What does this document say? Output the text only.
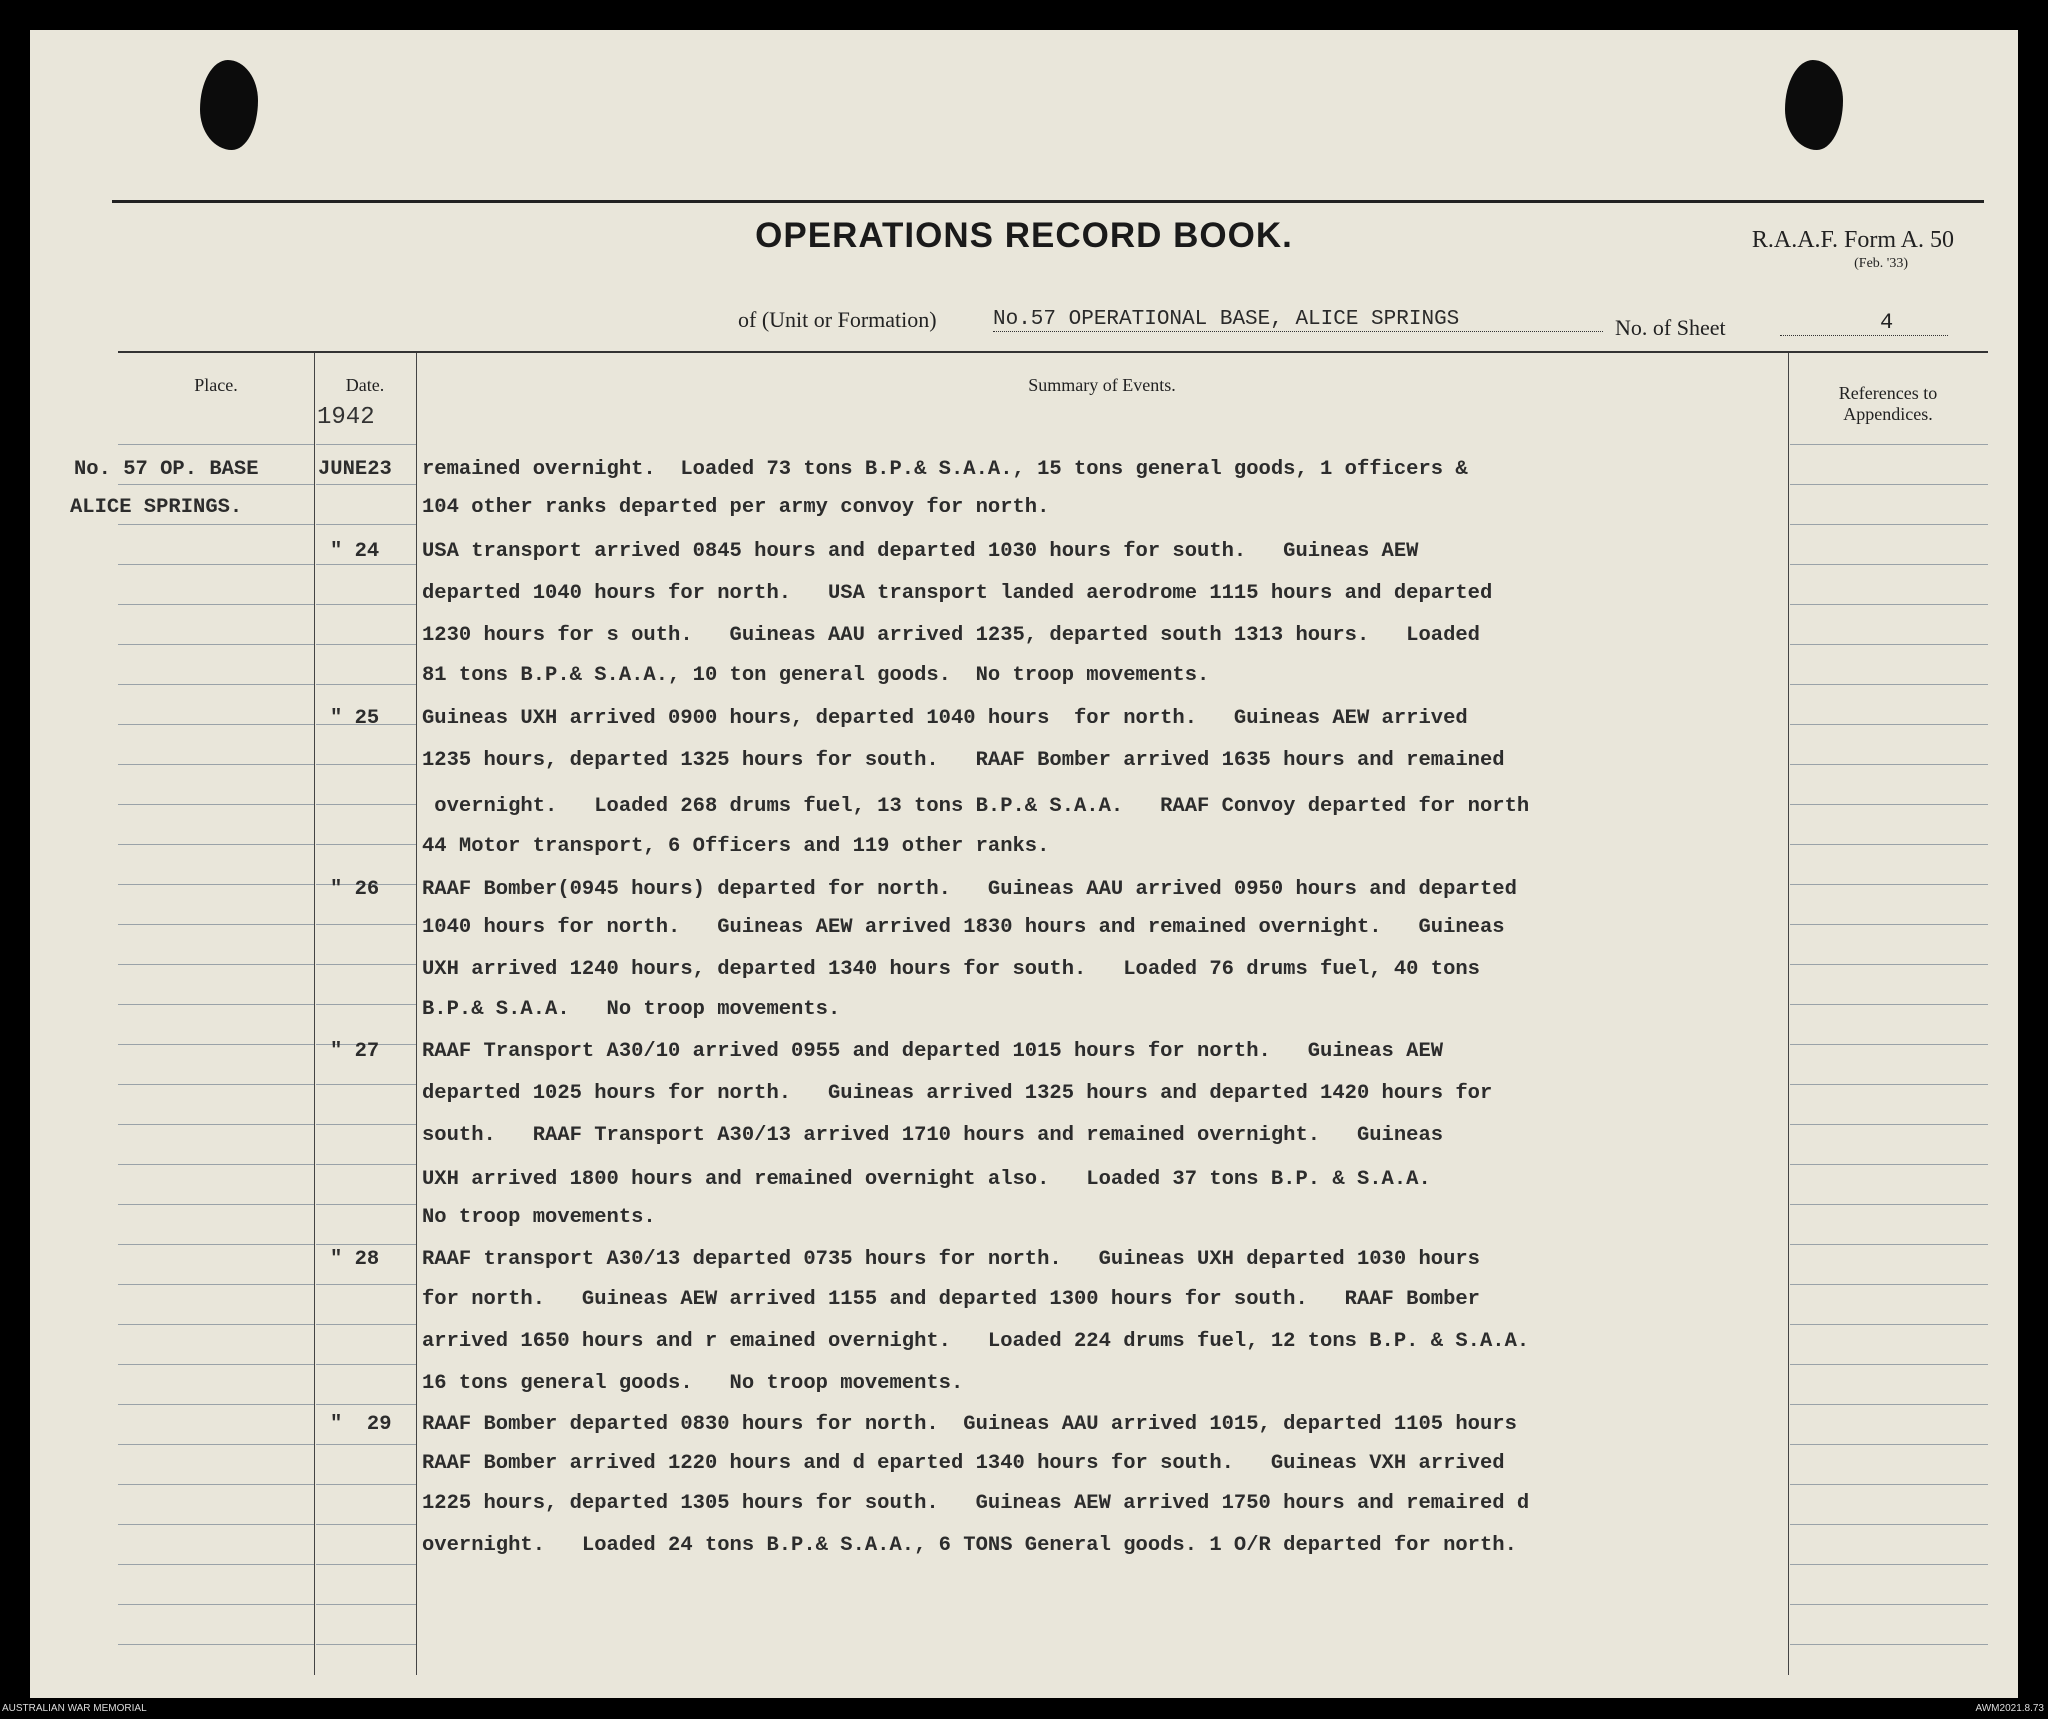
OPERATIONS RECORD BOOK.	R.A.A.F. Form A. 50
(Feb. '33)
of (Unit or Formation)	No.57 OPERATIONAL BASE, ALICE SPRINGS	No. of Sheet	4
Place.	Date.	Summary of Events.	References to
Appendices.
1942
No. 57 OP. BASE
ALICE SPRINGS.
JUNE23 remained overnight.  Loaded 73 tons B.P.& S.A.A., 15 tons general goods, 1 officers &
104 other ranks departed per army convoy for north.
" 24 USA transport arrived 0845 hours and departed 1030 hours for south.   Guineas AEW
departed 1040 hours for north.   USA transport landed aerodrome 1115 hours and departed
1230 hours for s outh.   Guineas AAU arrived 1235, departed south 1313 hours.   Loaded
81 tons B.P.& S.A.A., 10 ton general goods.  No troop movements.
" 25 Guineas UXH arrived 0900 hours, departed 1040 hours  for north.   Guineas AEW arrived
1235 hours, departed 1325 hours for south.   RAAF Bomber arrived 1635 hours and remained
overnight.   Loaded 268 drums fuel, 13 tons B.P.& S.A.A.   RAAF Convoy departed for north
44 Motor transport, 6 Officers and 119 other ranks.
" 26 RAAF Bomber(0945 hours) departed for north.   Guineas AAU arrived 0950 hours and departed
1040 hours for north.   Guineas AEW arrived 1830 hours and remained overnight.   Guineas
UXH arrived 1240 hours, departed 1340 hours for south.   Loaded 76 drums fuel, 40 tons
B.P.& S.A.A.   No troop movements.
" 27 RAAF Transport A30/10 arrived 0955 and departed 1015 hours for north.   Guineas AEW
departed 1025 hours for north.   Guineas arrived 1325 hours and departed 1420 hours for
south.   RAAF Transport A30/13 arrived 1710 hours and remained overnight.   Guineas
UXH arrived 1800 hours and remained overnight also.   Loaded 37 tons B.P. & S.A.A.
No troop movements.
" 28 RAAF transport A30/13 departed 0735 hours for north.   Guineas UXH departed 1030 hours
for north.   Guineas AEW arrived 1155 and departed 1300 hours for south.   RAAF Bomber
arrived 1650 hours and r emained overnight.   Loaded 224 drums fuel, 12 tons B.P. & S.A.A.
16 tons general goods.   No troop movements.
"  29 RAAF Bomber departed 0830 hours for north.  Guineas AAU arrived 1015, departed 1105 hours
RAAF Bomber arrived 1220 hours and d eparted 1340 hours for south.   Guineas VXH arrived
1225 hours, departed 1305 hours for south.   Guineas AEW arrived 1750 hours and remaired d
overnight.   Loaded 24 tons B.P.& S.A.A., 6 TONS General goods. 1 O/R departed for north.
AUSTRALIAN WAR MEMORIAL	AWM2021.8.73
